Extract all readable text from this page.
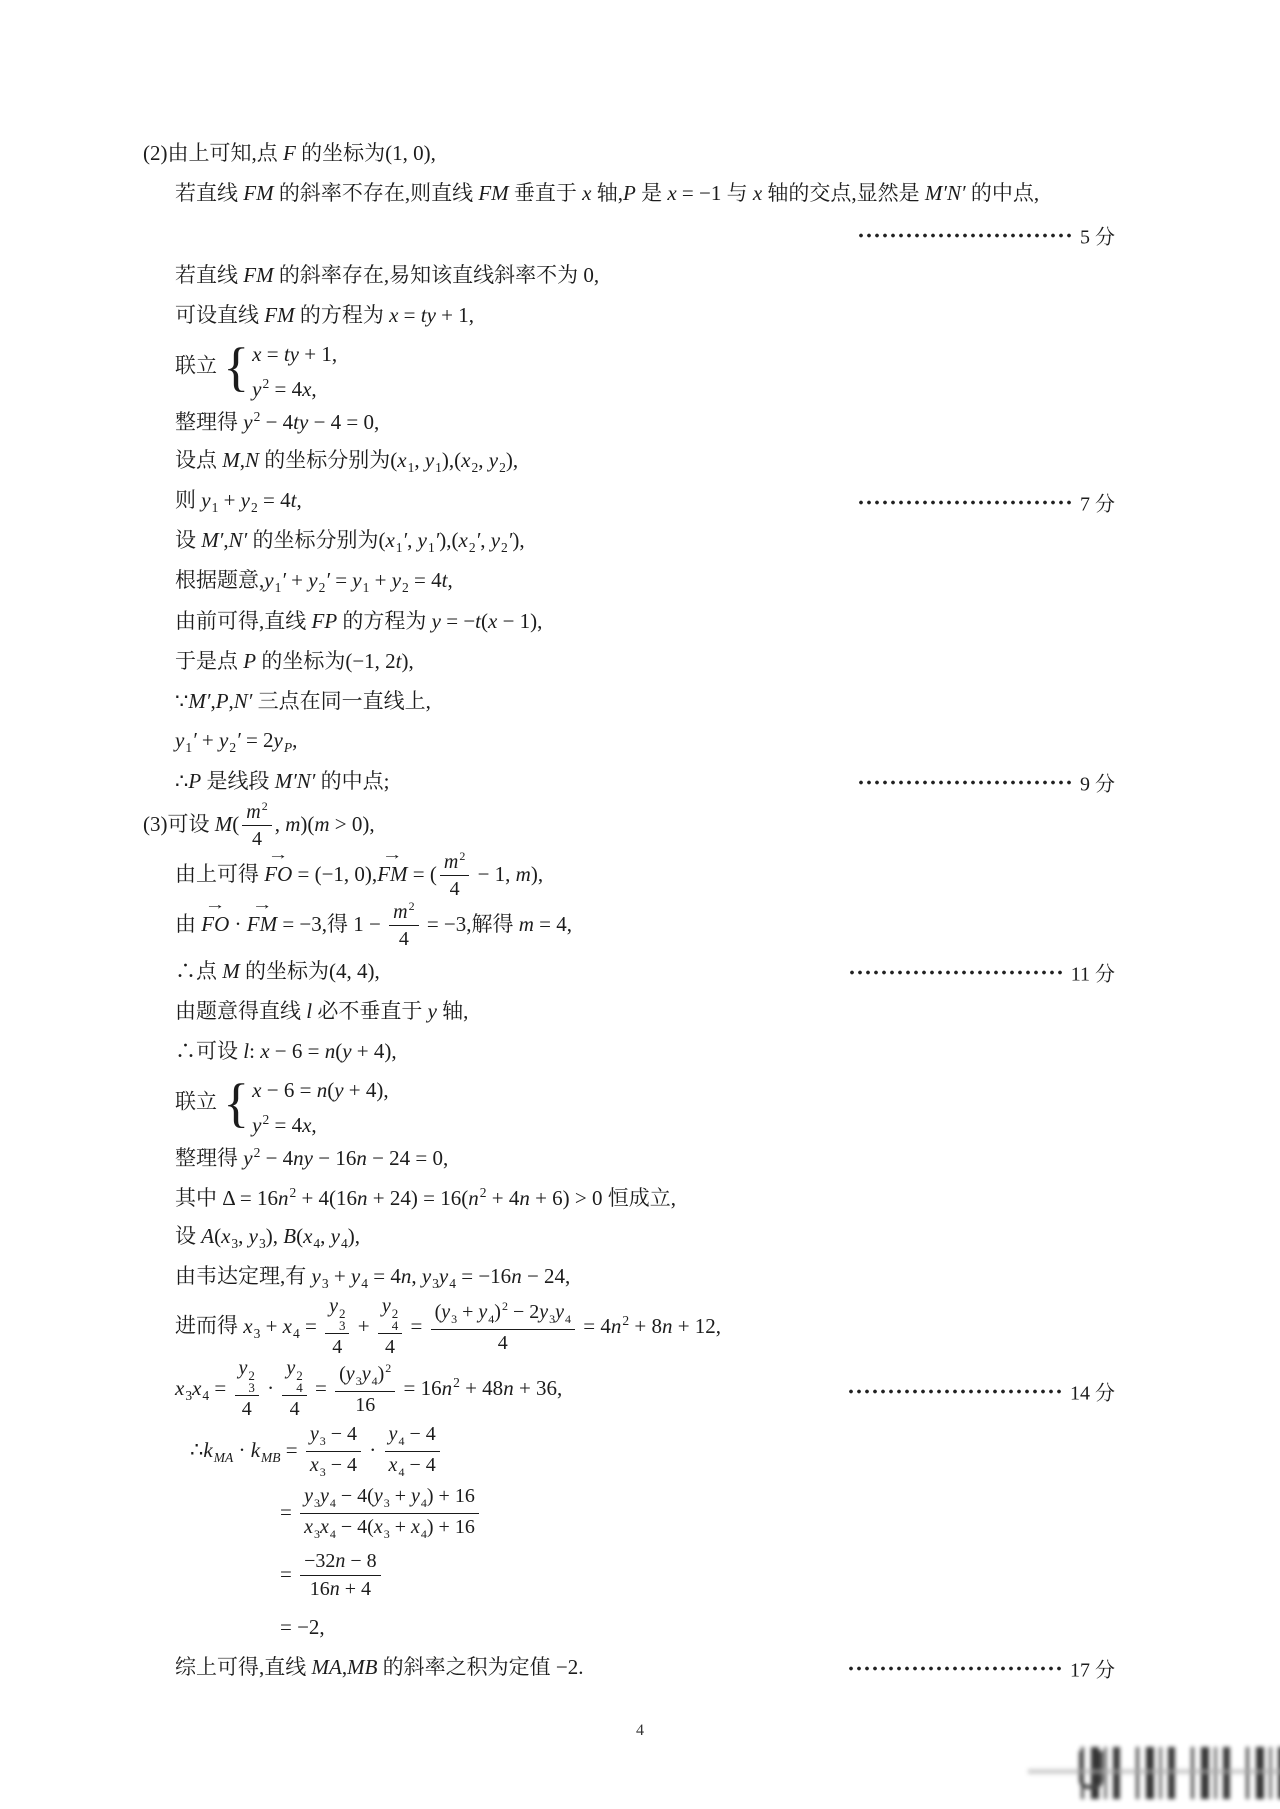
(2)由上可知,点 F 的坐标为(1, 0),
若直线 FM 的斜率不存在,则直线 FM 垂直于 x 轴,P 是 x = −1 与 x 轴的交点,显然是 M′N′ 的中点,
5 分
若直线 FM 的斜率存在,易知该直线斜率不为 0,
可设直线 FM 的方程为 x = ty + 1,
联立 { x = ty + 1,
$y^2 = 4x$,
整理得 $y^2 - 4ty - 4 = 0$,
设点 M,N 的坐标分别为($x_1$, $y_1),(x_2$, $y_2$),
则 $y_1 + y_2 = 4t$,	7 分
设 M′,N′ 的坐标分别为($x_1'$, $y_1'),(x_2'$, $y_2'$),
根据题意$,y_1' + y_2' = y_1 + y_2 = 4t$,
由前可得,直线 FP 的方程为 y = −t(x − 1),
于是点 P 的坐标为(−1, 2t),
∵M′,P,N′ 三点在同一直线上,
$y_1' + y_2' = 2y_P$,
∴P 是线段 M′N′ 的中点;	9 分
(3)可设 $M( \frac{m^2}{4}$ , m)(m > 0),
由上可得 FO
→
= (−1, 0),FM
→
= ( $\frac{m^2}{4} - 1$, m),
由 FO
→
· FM
→
= −3,得 $1 - \frac{m^2}{4} = -3$,解得 m = 4,
∴点 M 的坐标为(4, 4),	11 分
由题意得直线 l 必不垂直于 y 轴,
∴可设 l: x − 6 = n(y + 4),
联立 { x − 6 = n(y + 4),
$y^2 = 4x$,
整理得 $y^2 - 4ny - 16n - 24 = 0$,
其中 $\Delta = 16n^2 + 4(16n + 24) = 16(n^2 + 4n + 6) > 0$ 恒成立,
设 $A(x_3$, $y_3$), $B(x_4$, $y_4$),
由韦达定理,有 $y_3 + y_4 = 4n$, $y_3y_4 = -16n - 24$,
进而得 $x_3 + x_4 = y$ 2
3
4 + y 2
4
$4 = \frac{(y_3 + y_4)^2 - 2y_3y_4}{4} = 4n^2 + 8n + 12$,
$x_3x_4 = y$ 2
3
4 · y 2
4
$4 = \frac{(y_3y_4)^2}{16} = 16n^2 + 48n + 36$,	14 分
$\therefore k_{MA} \cdot k_{MB} = \frac{y_3 - 4}{x_3 - 4} \cdot \frac{y_4 - 4}{x_4 - 4}$
= $\frac{y_3y_4 - 4(y_3 + y_4) + 16}{x_3x_4 - 4(x_3 + x_4) + 16}$
= $\frac{-32n - 8}{16n + 4}$
= −2,
综上可得,直线 MA,MB 的斜率之积为定值 −2.	17 分
4
